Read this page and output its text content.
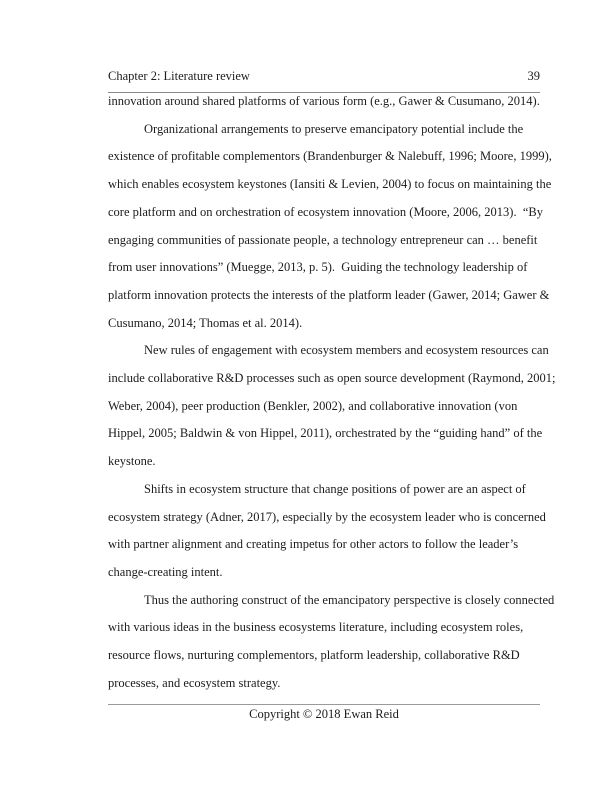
Chapter 2: Literature review	39
innovation around shared platforms of various form (e.g., Gawer & Cusumano, 2014).
Organizational arrangements to preserve emancipatory potential include the
existence of profitable complementors (Brandenburger & Nalebuff, 1996; Moore, 1999),
which enables ecosystem keystones (Iansiti & Levien, 2004) to focus on maintaining the
core platform and on orchestration of ecosystem innovation (Moore, 2006, 2013).  “By
engaging communities of passionate people, a technology entrepreneur can … benefit
from user innovations” (Muegge, 2013, p. 5).  Guiding the technology leadership of
platform innovation protects the interests of the platform leader (Gawer, 2014; Gawer &
Cusumano, 2014; Thomas et al. 2014).
New rules of engagement with ecosystem members and ecosystem resources can
include collaborative R&D processes such as open source development (Raymond, 2001;
Weber, 2004), peer production (Benkler, 2002), and collaborative innovation (von
Hippel, 2005; Baldwin & von Hippel, 2011), orchestrated by the “guiding hand” of the
keystone.
Shifts in ecosystem structure that change positions of power are an aspect of
ecosystem strategy (Adner, 2017), especially by the ecosystem leader who is concerned
with partner alignment and creating impetus for other actors to follow the leader’s
change-creating intent.
Thus the authoring construct of the emancipatory perspective is closely connected
with various ideas in the business ecosystems literature, including ecosystem roles,
resource flows, nurturing complementors, platform leadership, collaborative R&D
processes, and ecosystem strategy.
Copyright © 2018 Ewan Reid
